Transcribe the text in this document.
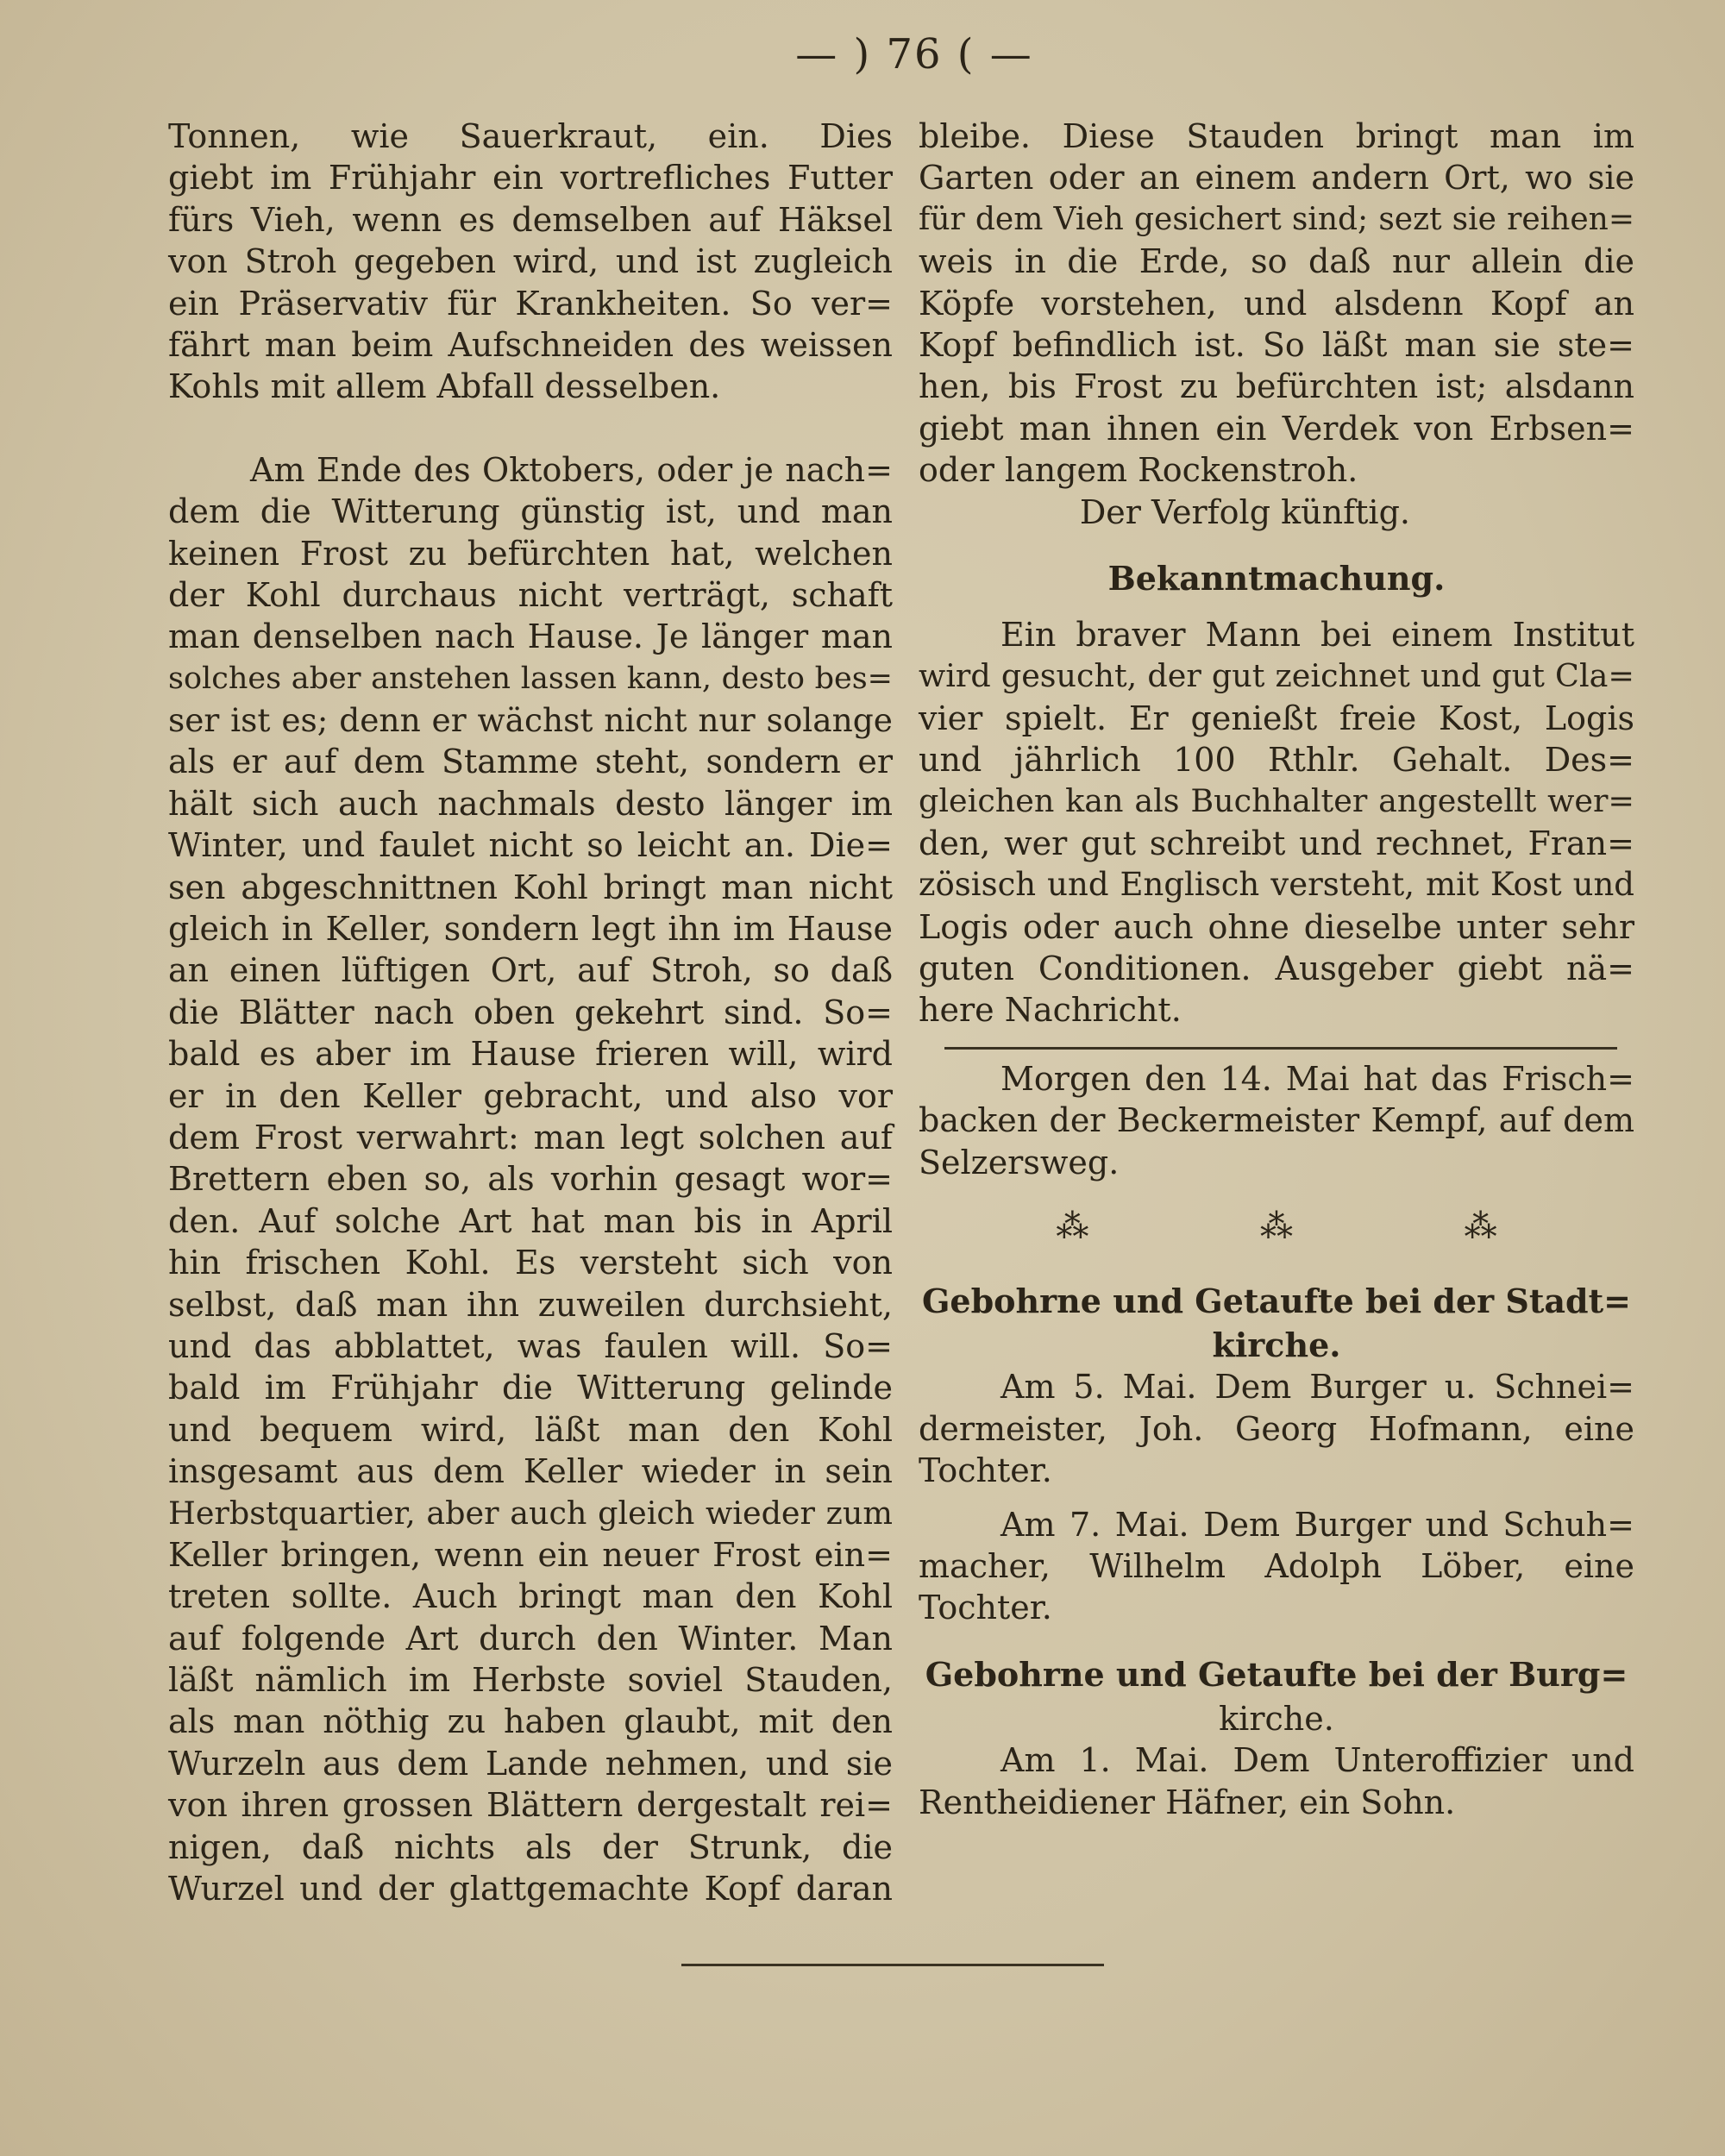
— ) 76 ( —
Tonnen, wie Sauerkraut, ein. Dies
giebt im Frühjahr ein vortrefliches Futter
fürs Vieh, wenn es demselben auf Häksel
von Stroh gegeben wird, und ist zugleich
ein Präservativ für Krankheiten. So ver=
fährt man beim Aufschneiden des weissen
Kohls mit allem Abfall desselben.
Am Ende des Oktobers, oder je nach=
dem die Witterung günstig ist, und man
keinen Frost zu befürchten hat, welchen
der Kohl durchaus nicht verträgt, schaft
man denselben nach Hause. Je länger man
solches aber anstehen lassen kann, desto bes=
ser ist es; denn er wächst nicht nur solange
als er auf dem Stamme steht, sondern er
hält sich auch nachmals desto länger im
Winter, und faulet nicht so leicht an. Die=
sen abgeschnittnen Kohl bringt man nicht
gleich in Keller, sondern legt ihn im Hause
an einen lüftigen Ort, auf Stroh, so daß
die Blätter nach oben gekehrt sind. So=
bald es aber im Hause frieren will, wird
er in den Keller gebracht, und also vor
dem Frost verwahrt: man legt solchen auf
Brettern eben so, als vorhin gesagt wor=
den. Auf solche Art hat man bis in April
hin frischen Kohl. Es versteht sich von
selbst, daß man ihn zuweilen durchsieht,
und das abblattet, was faulen will. So=
bald im Frühjahr die Witterung gelinde
und bequem wird, läßt man den Kohl
insgesamt aus dem Keller wieder in sein
Herbstquartier, aber auch gleich wieder zum
Keller bringen, wenn ein neuer Frost ein=
treten sollte. Auch bringt man den Kohl
auf folgende Art durch den Winter. Man
läßt nämlich im Herbste soviel Stauden,
als man nöthig zu haben glaubt, mit den
Wurzeln aus dem Lande nehmen, und sie
von ihren grossen Blättern dergestalt rei=
nigen, daß nichts als der Strunk, die
Wurzel und der glattgemachte Kopf daran
bleibe. Diese Stauden bringt man im
Garten oder an einem andern Ort, wo sie
für dem Vieh gesichert sind; sezt sie reihen=
weis in die Erde, so daß nur allein die
Köpfe vorstehen, und alsdenn Kopf an
Kopf befindlich ist. So läßt man sie ste=
hen, bis Frost zu befürchten ist; alsdann
giebt man ihnen ein Verdek von Erbsen=
oder langem Rockenstroh.
Der Verfolg künftig.
Bekanntmachung.
Ein braver Mann bei einem Institut
wird gesucht, der gut zeichnet und gut Cla=
vier spielt. Er genießt freie Kost, Logis
und jährlich 100 Rthlr. Gehalt. Des=
gleichen kan als Buchhalter angestellt wer=
den, wer gut schreibt und rechnet, Fran=
zösisch und Englisch versteht, mit Kost und
Logis oder auch ohne dieselbe unter sehr
guten Conditionen. Ausgeber giebt nä=
here Nachricht.
Morgen den 14. Mai hat das Frisch=
backen der Beckermeister Kempf, auf dem
Selzersweg.
⁂	⁂	⁂
Gebohrne und Getaufte bei der Stadt=
kirche.
Am 5. Mai. Dem Burger u. Schnei=
dermeister, Joh. Georg Hofmann, eine
Tochter.
Am 7. Mai. Dem Burger und Schuh=
macher, Wilhelm Adolph Löber, eine
Tochter.
Gebohrne und Getaufte bei der Burg=
kirche.
Am 1. Mai. Dem Unteroffizier und
Rentheidiener Häfner, ein Sohn.
